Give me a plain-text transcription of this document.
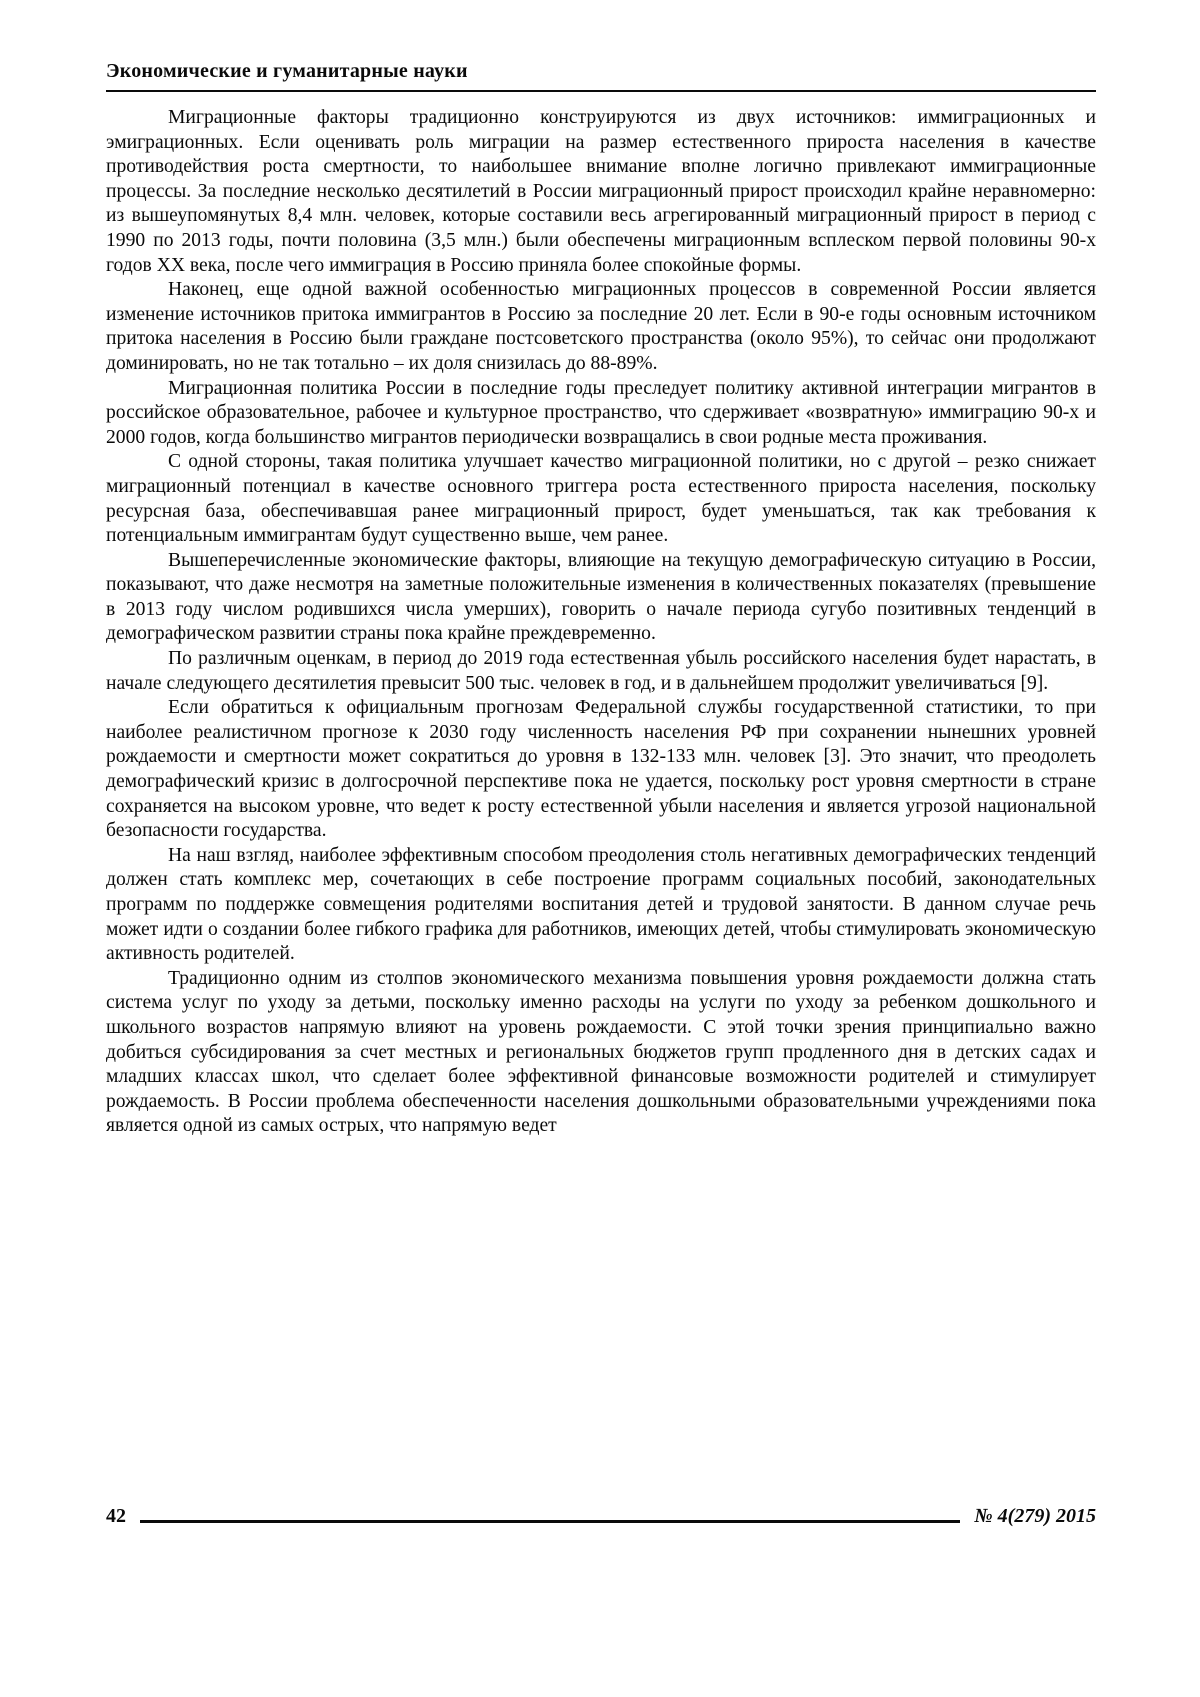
Экономические и гуманитарные науки

Миграционные факторы традиционно конструируются из двух источников: иммиграционных и эмиграционных. Если оценивать роль миграции на размер естественного прироста населения в качестве противодействия роста смертности, то наибольшее внимание вполне логично привлекают иммиграционные процессы. За последние несколько десятилетий в России миграционный прирост происходил крайне неравномерно: из вышеупомянутых 8,4 млн. человек, которые составили весь агрегированный миграционный прирост в период с 1990 по 2013 годы, почти половина (3,5 млн.) были обеспечены миграционным всплеском первой половины 90-х годов XX века, после чего иммиграция в Россию приняла более спокойные формы.

Наконец, еще одной важной особенностью миграционных процессов в современной России является изменение источников притока иммигрантов в Россию за последние 20 лет. Если в 90-е годы основным источником притока населения в Россию были граждане постсоветского пространства (около 95%), то сейчас они продолжают доминировать, но не так тотально – их доля снизилась до 88-89%.

Миграционная политика России в последние годы преследует политику активной интеграции мигрантов в российское образовательное, рабочее и культурное пространство, что сдерживает «возвратную» иммиграцию 90-х и 2000 годов, когда большинство мигрантов периодически возвращались в свои родные места проживания.

С одной стороны, такая политика улучшает качество миграционной политики, но с другой – резко снижает миграционный потенциал в качестве основного триггера роста естественного прироста населения, поскольку ресурсная база, обеспечивавшая ранее миграционный прирост, будет уменьшаться, так как требования к потенциальным иммигрантам будут существенно выше, чем ранее.

Вышеперечисленные экономические факторы, влияющие на текущую демографическую ситуацию в России, показывают, что даже несмотря на заметные положительные изменения в количественных показателях (превышение в 2013 году числом родившихся числа умерших), говорить о начале периода сугубо позитивных тенденций в демографическом развитии страны пока крайне преждевременно.

По различным оценкам, в период до 2019 года естественная убыль российского населения будет нарастать, в начале следующего десятилетия превысит 500 тыс. человек в год, и в дальнейшем продолжит увеличиваться [9].

Если обратиться к официальным прогнозам Федеральной службы государственной статистики, то при наиболее реалистичном прогнозе к 2030 году численность населения РФ при сохранении нынешних уровней рождаемости и смертности может сократиться до уровня в 132-133 млн. человек [3]. Это значит, что преодолеть демографический кризис в долгосрочной перспективе пока не удается, поскольку рост уровня смертности в стране сохраняется на высоком уровне, что ведет к росту естественной убыли населения и является угрозой национальной безопасности государства.

На наш взгляд, наиболее эффективным способом преодоления столь негативных демографических тенденций должен стать комплекс мер, сочетающих в себе построение программ социальных пособий, законодательных программ по поддержке совмещения родителями воспитания детей и трудовой занятости. В данном случае речь может идти о создании более гибкого графика для работников, имеющих детей, чтобы стимулировать экономическую активность родителей.

Традиционно одним из столпов экономического механизма повышения уровня рождаемости должна стать система услуг по уходу за детьми, поскольку именно расходы на услуги по уходу за ребенком дошкольного и школьного возрастов напрямую влияют на уровень рождаемости. С этой точки зрения принципиально важно добиться субсидирования за счет местных и региональных бюджетов групп продленного дня в детских садах и младших классах школ, что сделает более эффективной финансовые возможности родителей и стимулирует рождаемость. В России проблема обеспеченности населения дошкольными образовательными учреждениями пока является одной из самых острых, что напрямую ведет

42	№ 4(279) 2015
